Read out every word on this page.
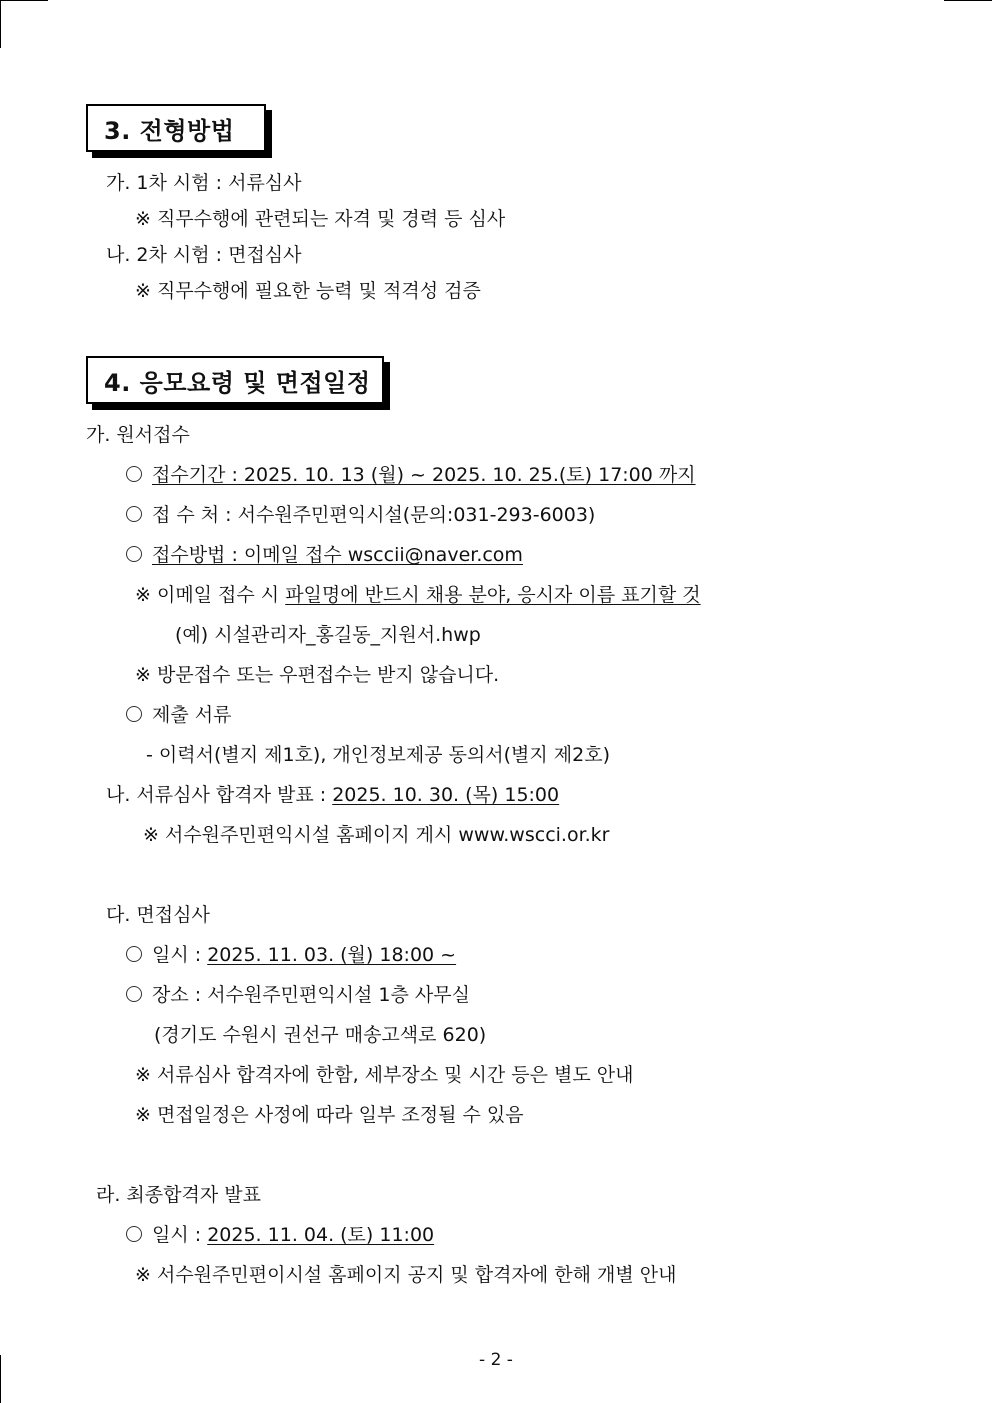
3. 전형방법
가. 1차 시험 : 서류심사
※ 직무수행에 관련되는 자격 및 경력 등 심사
나. 2차 시험 : 면접심사
※ 직무수행에 필요한 능력 및 적격성 검증
4. 응모요령 및 면접일정
가. 원서접수
접수기간 : 2025. 10. 13 (월) ~ 2025. 10. 25.(토) 17:00 까지
접 수 처 : 서수원주민편익시설(문의:031-293-6003)
접수방법 : 이메일 접수 wsccii@naver.com
※ 이메일 접수 시 파일명에 반드시 채용 분야, 응시자 이름 표기할 것
(예) 시설관리자_홍길동_지원서.hwp
※ 방문접수 또는 우편접수는 받지 않습니다.
제출 서류
- 이력서(별지 제1호), 개인정보제공 동의서(별지 제2호)
나. 서류심사 합격자 발표 : 2025. 10. 30. (목) 15:00
※ 서수원주민편익시설 홈페이지 게시 www.wscci.or.kr
다. 면접심사
일시 : 2025. 11. 03. (월) 18:00 ~
장소 : 서수원주민편익시설 1층 사무실
(경기도 수원시 권선구 매송고색로 620)
※ 서류심사 합격자에 한함, 세부장소 및 시간 등은 별도 안내
※ 면접일정은 사정에 따라 일부 조정될 수 있음
라. 최종합격자 발표
일시 : 2025. 11. 04. (토) 11:00
※ 서수원주민편이시설 홈페이지 공지 및 합격자에 한해 개별 안내
- 2 -
